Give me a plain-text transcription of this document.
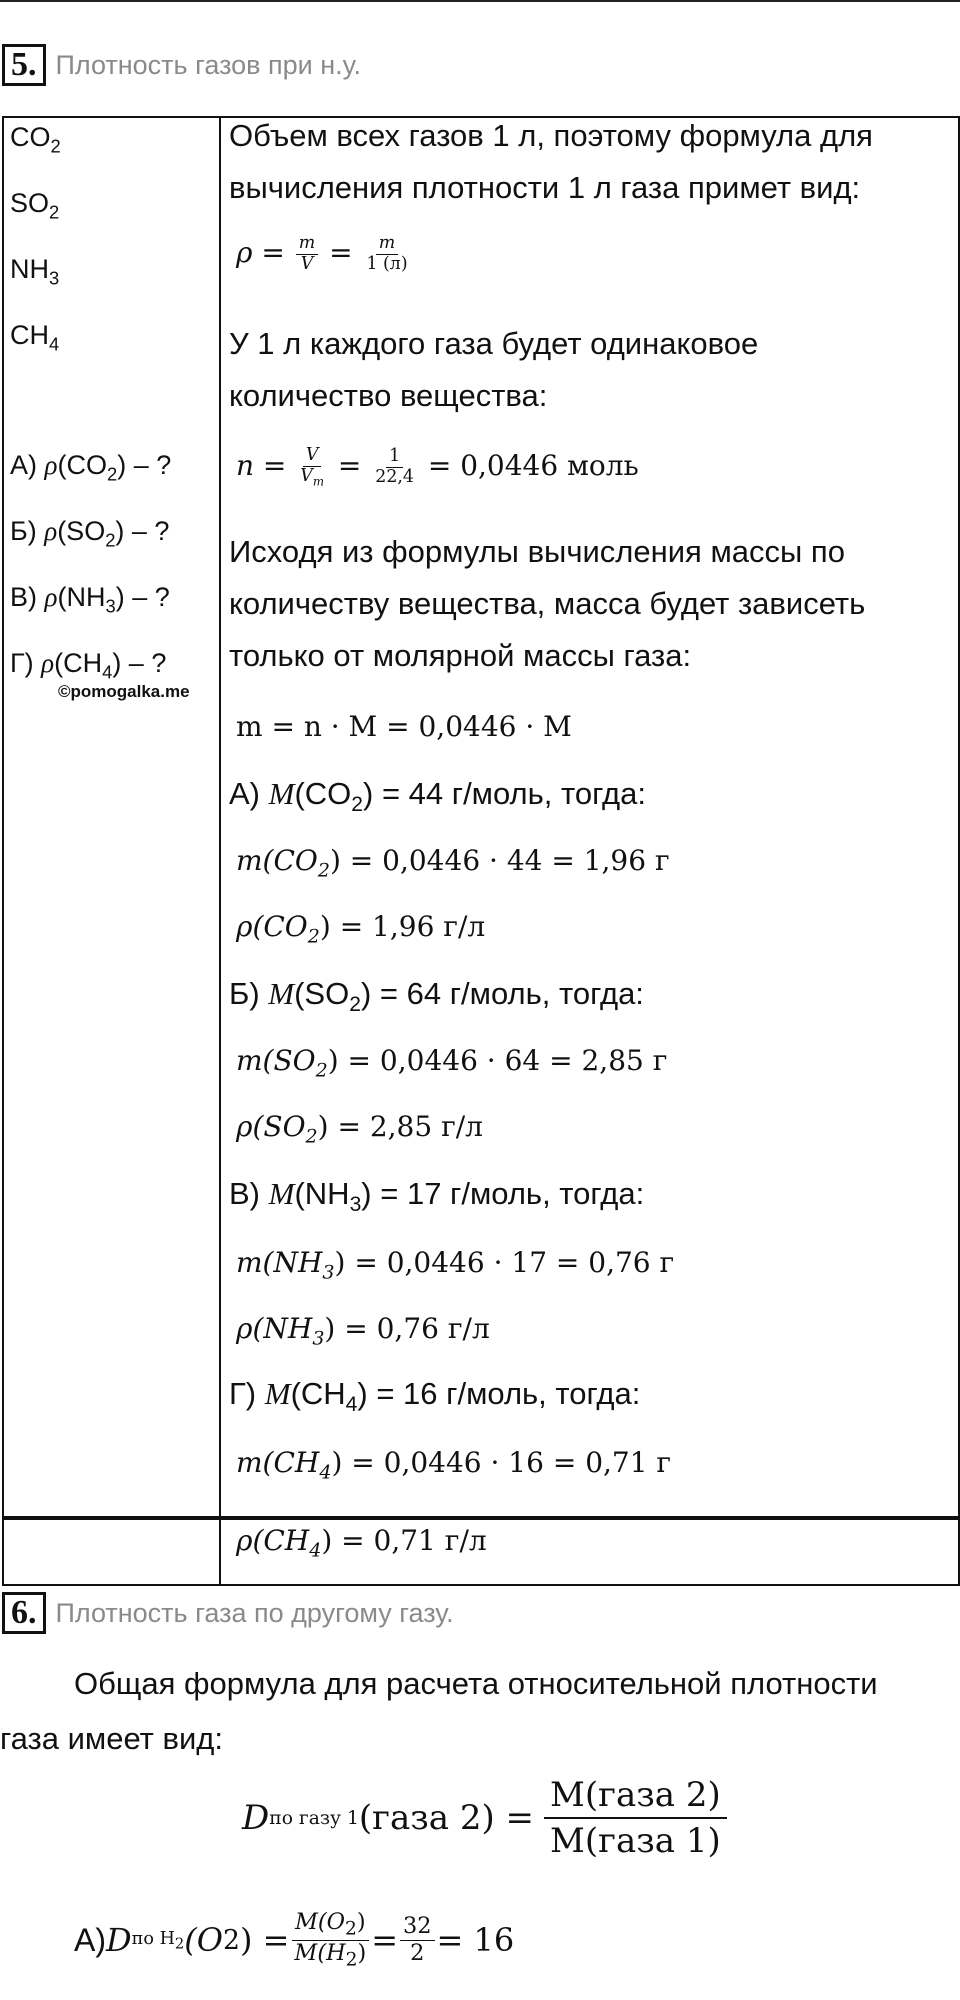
5. Плотность газов при н.у.
$CO_2$
$SO_2$
$NH_3$
$CH_4$
А) $\rho(CO_2)$ – ?
Б) $\rho(SO_2)$ – ?
В) $\rho(NH_3)$ – ?
Г) $\rho(CH_4)$ – ?
©pomogalka.me
Объем всех газов 1 л, поэтому формула для
вычисления плотности 1 л газа примет вид:
$\rho = \frac{m}{V} = \frac{m}{1 (л)}$
У 1 л каждого газа будет одинаковое
количество вещества:
$n = \frac{V}{V_m} = \frac{1}{22,4} = 0,0446$ моль
Исходя из формулы вычисления массы по
количеству вещества, масса будет зависеть
только от молярной массы газа:
m = n · M = 0,0446 · M
А) $M(CO_2) = 44$ г/моль, тогда:
$m(CO_2) = 0,0446 \cdot 44 = 1,96$ г
$\rho(CO_2) = 1,96$ г/л
Б) $M(SO_2) = 64$ г/моль, тогда:
$m(SO_2) = 0,0446 \cdot 64 = 2,85$ г
$\rho(SO_2) = 2,85$ г/л
В) $M(NH_3) = 17$ г/моль, тогда:
$m(NH_3) = 0,0446 \cdot 17 = 0,76$ г
$\rho(NH_3) = 0,76$ г/л
Г) $M(CH_4) = 16$ г/моль, тогда:
$m(CH_4) = 0,0446 \cdot 16 = 0,71$ г
$\rho(CH_4) = 0,71$ г/л
6. Плотность газа по другому газу.
Общая формула для расчета относительной плотности
газа имеет вид:
D по газу 1 (газа 2) =
M(газа 2)
M(газа 1)
А) D по $H_2$ (O 2 ) = $\frac{M(O_2)}{M(H_2)} = \frac{32}{2} = 16$
